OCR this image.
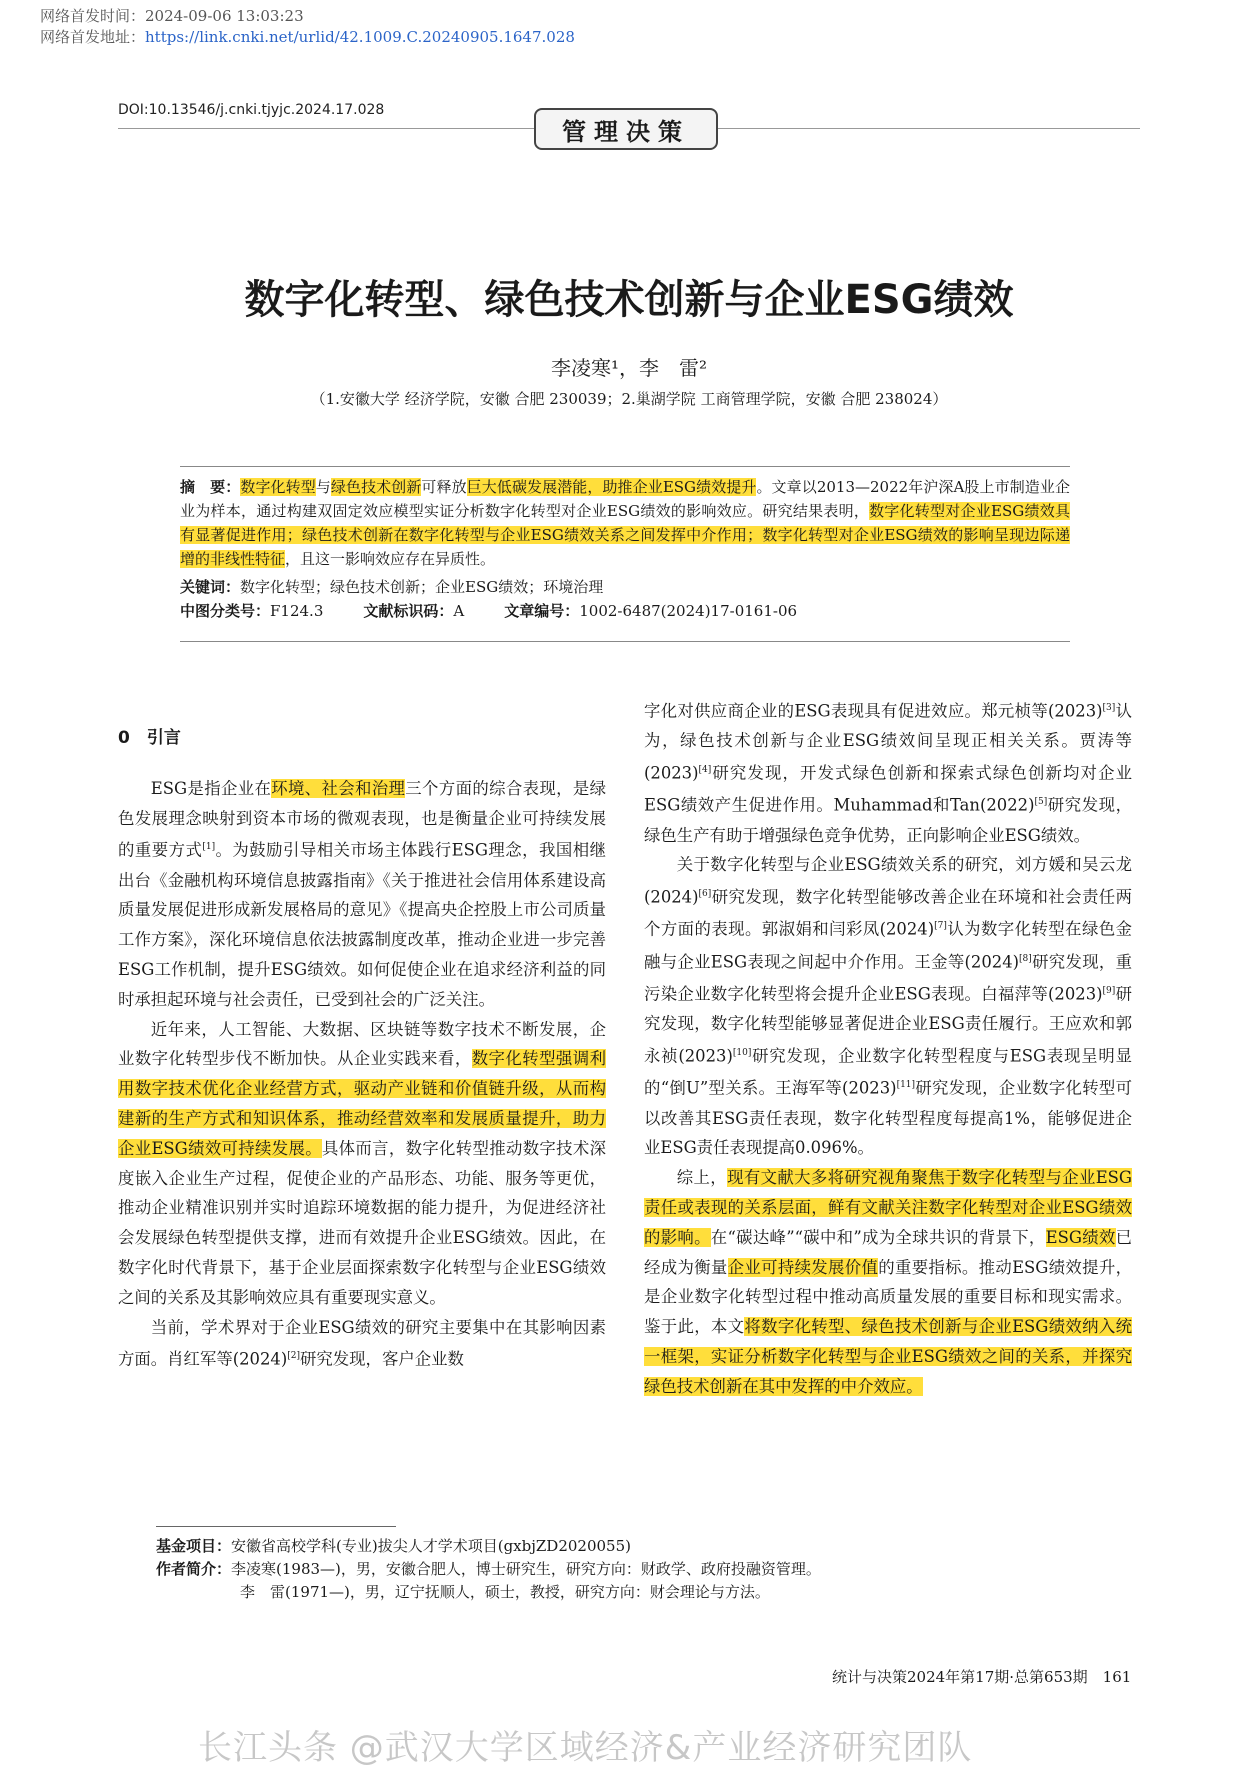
网络首发时间：2024-09-06 13:03:23
网络首发地址：https://link.cnki.net/urlid/42.1009.C.20240905.1647.028
DOI:10.13546/j.cnki.tjyjc.2024.17.028
管理决策
数字化转型、绿色技术创新与企业ESG绩效
李凌寒¹，李　雷²
（1.安徽大学 经济学院，安徽 合肥 230039；2.巢湖学院 工商管理学院，安徽 合肥 238024）

摘　要：数字化转型与绿色技术创新可释放巨大低碳发展潜能，助推企业ESG绩效提升。文章以2013—2022年沪深A股上市制造业企业为样本，通过构建双固定效应模型实证分析数字化转型对企业ESG绩效的影响效应。研究结果表明，数字化转型对企业ESG绩效具有显著促进作用；绿色技术创新在数字化转型与企业ESG绩效关系之间发挥中介作用；数字化转型对企业ESG绩效的影响呈现边际递增的非线性特征，且这一影响效应存在异质性。

关键词：数字化转型；绿色技术创新；企业ESG绩效；环境治理
中图分类号：F124.3	文献标识码：A	文章编号：1002-6487(2024)17-0161-06
0　引言

ESG是指企业在环境、社会和治理三个方面的综合表现，是绿色发展理念映射到资本市场的微观表现，也是衡量企业可持续发展的重要方式[1]。为鼓励引导相关市场主体践行ESG理念，我国相继出台《金融机构环境信息披露指南》《关于推进社会信用体系建设高质量发展促进形成新发展格局的意见》《提高央企控股上市公司质量工作方案》，深化环境信息依法披露制度改革，推动企业进一步完善ESG工作机制，提升ESG绩效。如何促使企业在追求经济利益的同时承担起环境与社会责任，已受到社会的广泛关注。

近年来，人工智能、大数据、区块链等数字技术不断发展，企业数字化转型步伐不断加快。从企业实践来看，数字化转型强调利用数字技术优化企业经营方式，驱动产业链和价值链升级，从而构建新的生产方式和知识体系，推动经营效率和发展质量提升，助力企业ESG绩效可持续发展。具体而言，数字化转型推动数字技术深度嵌入企业生产过程，促使企业的产品形态、功能、服务等更优，推动企业精准识别并实时追踪环境数据的能力提升，为促进经济社会发展绿色转型提供支撑，进而有效提升企业ESG绩效。因此，在数字化时代背景下，基于企业层面探索数字化转型与企业ESG绩效之间的关系及其影响效应具有重要现实意义。

当前，学术界对于企业ESG绩效的研究主要集中在其影响因素方面。肖红军等(2024)[2]研究发现，客户企业数

字化对供应商企业的ESG表现具有促进效应。郑元桢等(2023)[3]认为，绿色技术创新与企业ESG绩效间呈现正相关关系。贾涛等(2023)[4]研究发现，开发式绿色创新和探索式绿色创新均对企业ESG绩效产生促进作用。Muhammad和Tan(2022)[5]研究发现，绿色生产有助于增强绿色竞争优势，正向影响企业ESG绩效。

关于数字化转型与企业ESG绩效关系的研究，刘方媛和吴云龙(2024)[6]研究发现，数字化转型能够改善企业在环境和社会责任两个方面的表现。郭淑娟和闫彩凤(2024)[7]认为数字化转型在绿色金融与企业ESG表现之间起中介作用。王金等(2024)[8]研究发现，重污染企业数字化转型将会提升企业ESG表现。白福萍等(2023)[9]研究发现，数字化转型能够显著促进企业ESG责任履行。王应欢和郭永祯(2023)[10]研究发现，企业数字化转型程度与ESG表现呈明显的“倒U”型关系。王海军等(2023)[11]研究发现，企业数字化转型可以改善其ESG责任表现，数字化转型程度每提高1%，能够促进企业ESG责任表现提高0.096%。

综上，现有文献大多将研究视角聚焦于数字化转型与企业ESG责任或表现的关系层面，鲜有文献关注数字化转型对企业ESG绩效的影响。在“碳达峰”“碳中和”成为全球共识的背景下，ESG绩效已经成为衡量企业可持续发展价值的重要指标。推动ESG绩效提升，是企业数字化转型过程中推动高质量发展的重要目标和现实需求。鉴于此，本文将数字化转型、绿色技术创新与企业ESG绩效纳入统一框架，实证分析数字化转型与企业ESG绩效之间的关系，并探究绿色技术创新在其中发挥的中介效应。

基金项目：安徽省高校学科(专业)拔尖人才学术项目(gxbjZD2020055)
作者简介：李凌寒(1983—)，男，安徽合肥人，博士研究生，研究方向：财政学、政府投融资管理。
李　雷(1971—)，男，辽宁抚顺人，硕士，教授，研究方向：财会理论与方法。
统计与决策2024年第17期·总第653期　161
长江头条 @武汉大学区域经济&产业经济研究团队
